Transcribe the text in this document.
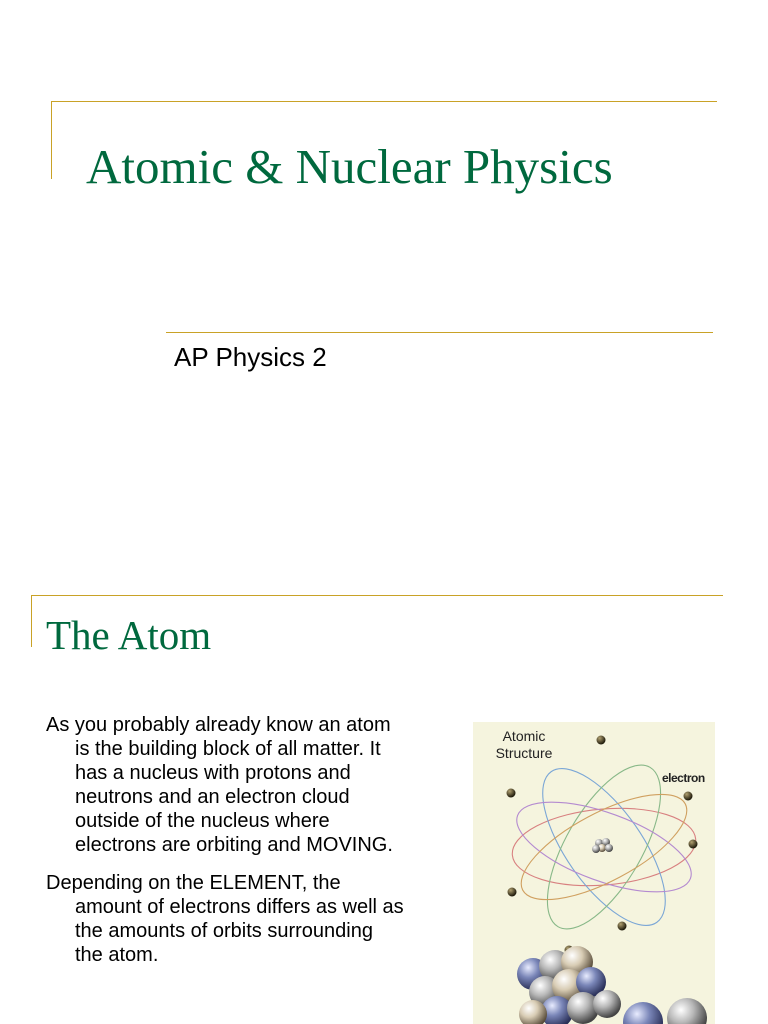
Atomic & Nuclear Physics

AP Physics 2

The Atom

As you probably already know an atom is the building block of all matter. It has a nucleus with protons and neutrons and an electron cloud outside of the nucleus where electrons are orbiting and MOVING.

Depending on the ELEMENT, the amount of electrons differs as well as the amounts of orbits surrounding the atom.

Atomic
Structure

electron
